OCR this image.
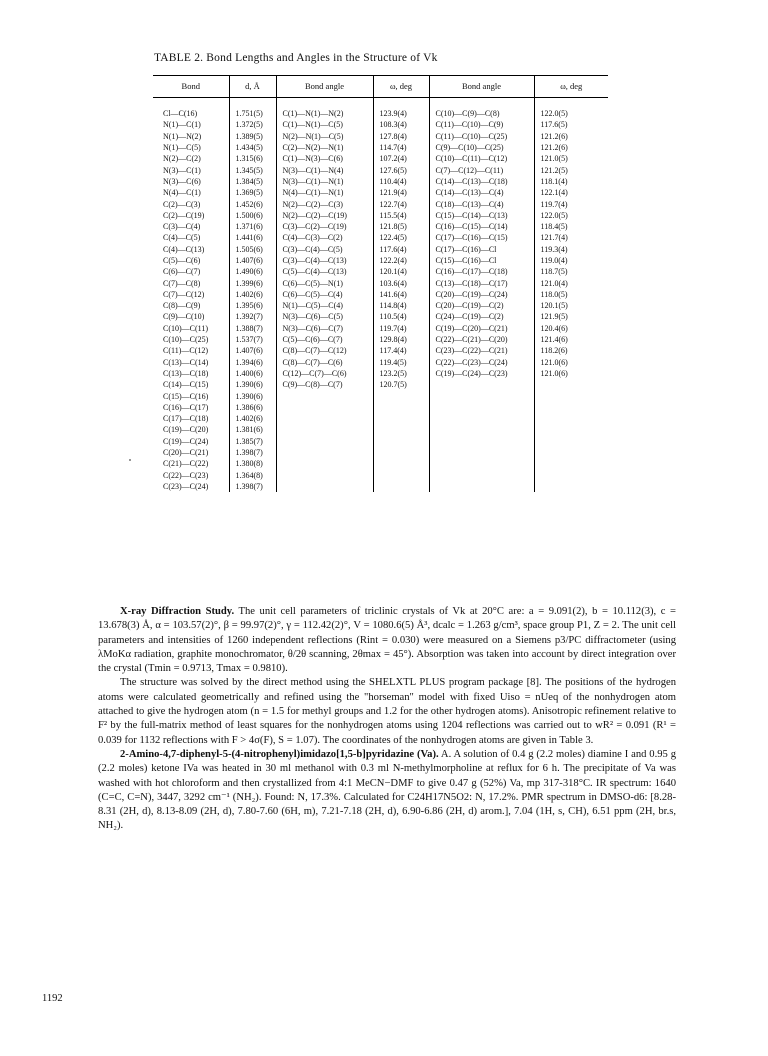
TABLE 2. Bond Lengths and Angles in the Structure of Vk
Bond	d, Å	Bond angle	ω, deg	Bond angle	ω, deg

Cl—C(16)	1.751(5)	C(1)—N(1)—N(2)	123.9(4)	C(10)—C(9)—C(8)	122.0(5)
N(1)—C(1)	1.372(5)	C(1)—N(1)—C(5)	108.3(4)	C(11)—C(10)—C(9)	117.6(5)
N(1)—N(2)	1.389(5)	N(2)—N(1)—C(5)	127.8(4)	C(11)—C(10)—C(25)	121.2(6)
N(1)—C(5)	1.434(5)	C(2)—N(2)—N(1)	114.7(4)	C(9)—C(10)—C(25)	121.2(6)
N(2)—C(2)	1.315(6)	C(1)—N(3)—C(6)	107.2(4)	C(10)—C(11)—C(12)	121.0(5)
N(3)—C(1)	1.345(5)	N(3)—C(1)—N(4)	127.6(5)	C(7)—C(12)—C(11)	121.2(5)
N(3)—C(6)	1.384(5)	N(3)—C(1)—N(1)	110.4(4)	C(14)—C(13)—C(18)	118.1(4)
N(4)—C(1)	1.369(5)	N(4)—C(1)—N(1)	121.9(4)	C(14)—C(13)—C(4)	122.1(4)
C(2)—C(3)	1.452(6)	N(2)—C(2)—C(3)	122.7(4)	C(18)—C(13)—C(4)	119.7(4)
C(2)—C(19)	1.500(6)	N(2)—C(2)—C(19)	115.5(4)	C(15)—C(14)—C(13)	122.0(5)
C(3)—C(4)	1.371(6)	C(3)—C(2)—C(19)	121.8(5)	C(16)—C(15)—C(14)	118.4(5)
C(4)—C(5)	1.441(6)	C(4)—C(3)—C(2)	122.4(5)	C(17)—C(16)—C(15)	121.7(4)
C(4)—C(13)	1.505(6)	C(3)—C(4)—C(5)	117.6(4)	C(17)—C(16)—Cl	119.3(4)
C(5)—C(6)	1.407(6)	C(3)—C(4)—C(13)	122.2(4)	C(15)—C(16)—Cl	119.0(4)
C(6)—C(7)	1.490(6)	C(5)—C(4)—C(13)	120.1(4)	C(16)—C(17)—C(18)	118.7(5)
C(7)—C(8)	1.399(6)	C(6)—C(5)—N(1)	103.6(4)	C(13)—C(18)—C(17)	121.0(4)
C(7)—C(12)	1.402(6)	C(6)—C(5)—C(4)	141.6(4)	C(20)—C(19)—C(24)	118.0(5)
C(8)—C(9)	1.395(6)	N(1)—C(5)—C(4)	114.8(4)	C(20)—C(19)—C(2)	120.1(5)
C(9)—C(10)	1.392(7)	N(3)—C(6)—C(5)	110.5(4)	C(24)—C(19)—C(2)	121.9(5)
C(10)—C(11)	1.388(7)	N(3)—C(6)—C(7)	119.7(4)	C(19)—C(20)—C(21)	120.4(6)
C(10)—C(25)	1.537(7)	C(5)—C(6)—C(7)	129.8(4)	C(22)—C(21)—C(20)	121.4(6)
C(11)—C(12)	1.407(6)	C(8)—C(7)—C(12)	117.4(4)	C(23)—C(22)—C(21)	118.2(6)
C(13)—C(14)	1.394(6)	C(8)—C(7)—C(6)	119.4(5)	C(22)—C(23)—C(24)	121.0(6)
C(13)—C(18)	1.400(6)	C(12)—C(7)—C(6)	123.2(5)	C(19)—C(24)—C(23)	121.0(6)
C(14)—C(15)	1.390(6)	C(9)—C(8)—C(7)	120.7(5)		
C(15)—C(16)	1.390(6)				
C(16)—C(17)	1.386(6)				
C(17)—C(18)	1.402(6)				
C(19)—C(20)	1.381(6)				
C(19)—C(24)	1.385(7)				
C(20)—C(21)	1.398(7)				
C(21)—C(22)	1.380(8)				
C(22)—C(23)	1.364(8)				
C(23)—C(24)	1.398(7)				

X-ray Diffraction Study. The unit cell parameters of triclinic crystals of Vk at 20°C are: a = 9.091(2), b = 10.112(3), c = 13.678(3) Å, α = 103.57(2)°, β = 99.97(2)°, γ = 112.42(2)°, V = 1080.6(5) Å³, dcalc = 1.263 g/cm³, space group P1, Z = 2. The unit cell parameters and intensities of 1260 independent reflections (Rint = 0.030) were measured on a Siemens p3/PC diffractometer (using λMoKα radiation, graphite monochromator, θ/2θ scanning, 2θmax = 45°). Absorption was taken into account by direct integration over the crystal (Tmin = 0.9713, Tmax = 0.9810).

The structure was solved by the direct method using the SHELXTL PLUS program package [8]. The positions of the hydrogen atoms were calculated geometrically and refined using the "horseman" model with fixed Uiso = nUeq of the nonhydrogen atom attached to give the hydrogen atom (n = 1.5 for methyl groups and 1.2 for the other hydrogen atoms). Anisotropic refinement relative to F² by the full-matrix method of least squares for the nonhydrogen atoms using 1204 reflections was carried out to wR² = 0.091 (R¹ = 0.039 for 1132 reflections with F > 4σ(F), S = 1.07). The coordinates of the nonhydrogen atoms are given in Table 3.

2-Amino-4,7-diphenyl-5-(4-nitrophenyl)imidazo[1,5-b]pyridazine (Va). A. A solution of 0.4 g (2.2 moles) diamine I and 0.95 g (2.2 moles) ketone IVa was heated in 30 ml methanol with 0.3 ml N-methylmorpholine at reflux for 6 h. The precipitate of Va was washed with hot chloroform and then crystallized from 4:1 MeCN−DMF to give 0.47 g (52%) Va, mp 317-318°C. IR spectrum: 1640 (C=C, C=N), 3447, 3292 cm⁻¹ (NH₂). Found: N, 17.3%. Calculated for C24H17N5O2: N, 17.2%. PMR spectrum in DMSO-d6: [8.28-8.31 (2H, d), 8.13-8.09 (2H, d), 7.80-7.60 (6H, m), 7.21-7.18 (2H, d), 6.90-6.86 (2H, d) arom.], 7.04 (1H, s, CH), 6.51 ppm (2H, br.s, NH₂).

1192
